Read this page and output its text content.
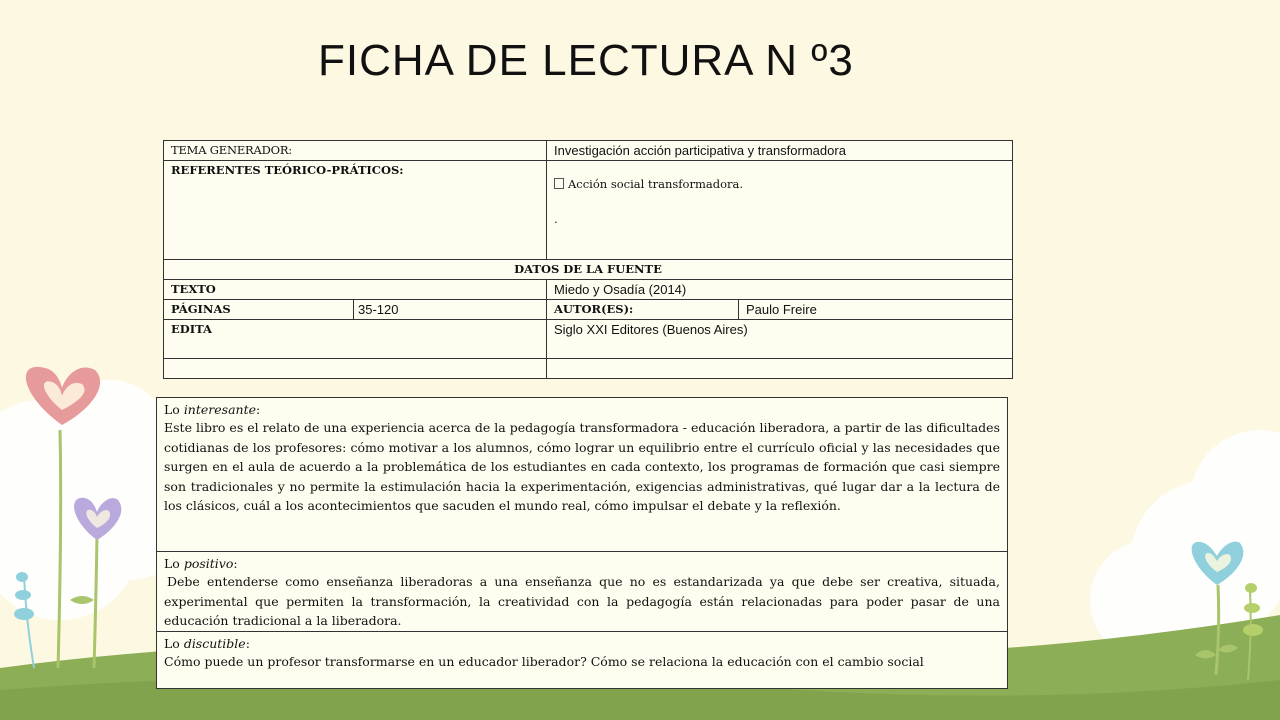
FICHA DE LECTURA N º3
TEMA GENERADOR:		Investigación acción participativa y transformadora	
REFERENTES TEÓRICO-PRÁTICOS:		Acción social transformadora.
.	

DATOS DE LA FUENTE			
TEXTO		Miedo y Osadía (2014)	
PÁGINAS	35-120	AUTOR(ES):	Paulo Freire
EDITA		Siglo XXI Editores (Buenos Aires)	

Lo interesante:
Este libro es el relato de una experiencia acerca de la pedagogía transformadora - educación liberadora, a partir de las dificultades cotidianas de los profesores: cómo motivar a los alumnos, cómo lograr un equilibrio entre el currículo oficial y las necesidades que surgen en el aula de acuerdo a la problemática de los estudiantes en cada contexto, los programas de formación que casi siempre son tradicionales y no permite la estimulación hacia la experimentación, exigencias administrativas, qué lugar dar a la lectura de los clásicos, cuál a los acontecimientos que sacuden el mundo real, cómo impulsar el debate y la reflexión.
Lo positivo:
Debe entenderse como enseñanza liberadoras a una enseñanza que no es estandarizada ya que debe ser creativa, situada, experimental que permiten la transformación, la creatividad con la pedagogía están relacionadas para poder pasar de una educación tradicional a la liberadora.
Lo discutible:
Cómo puede un profesor transformarse en un educador liberador? Cómo se relaciona la educación con el cambio social
